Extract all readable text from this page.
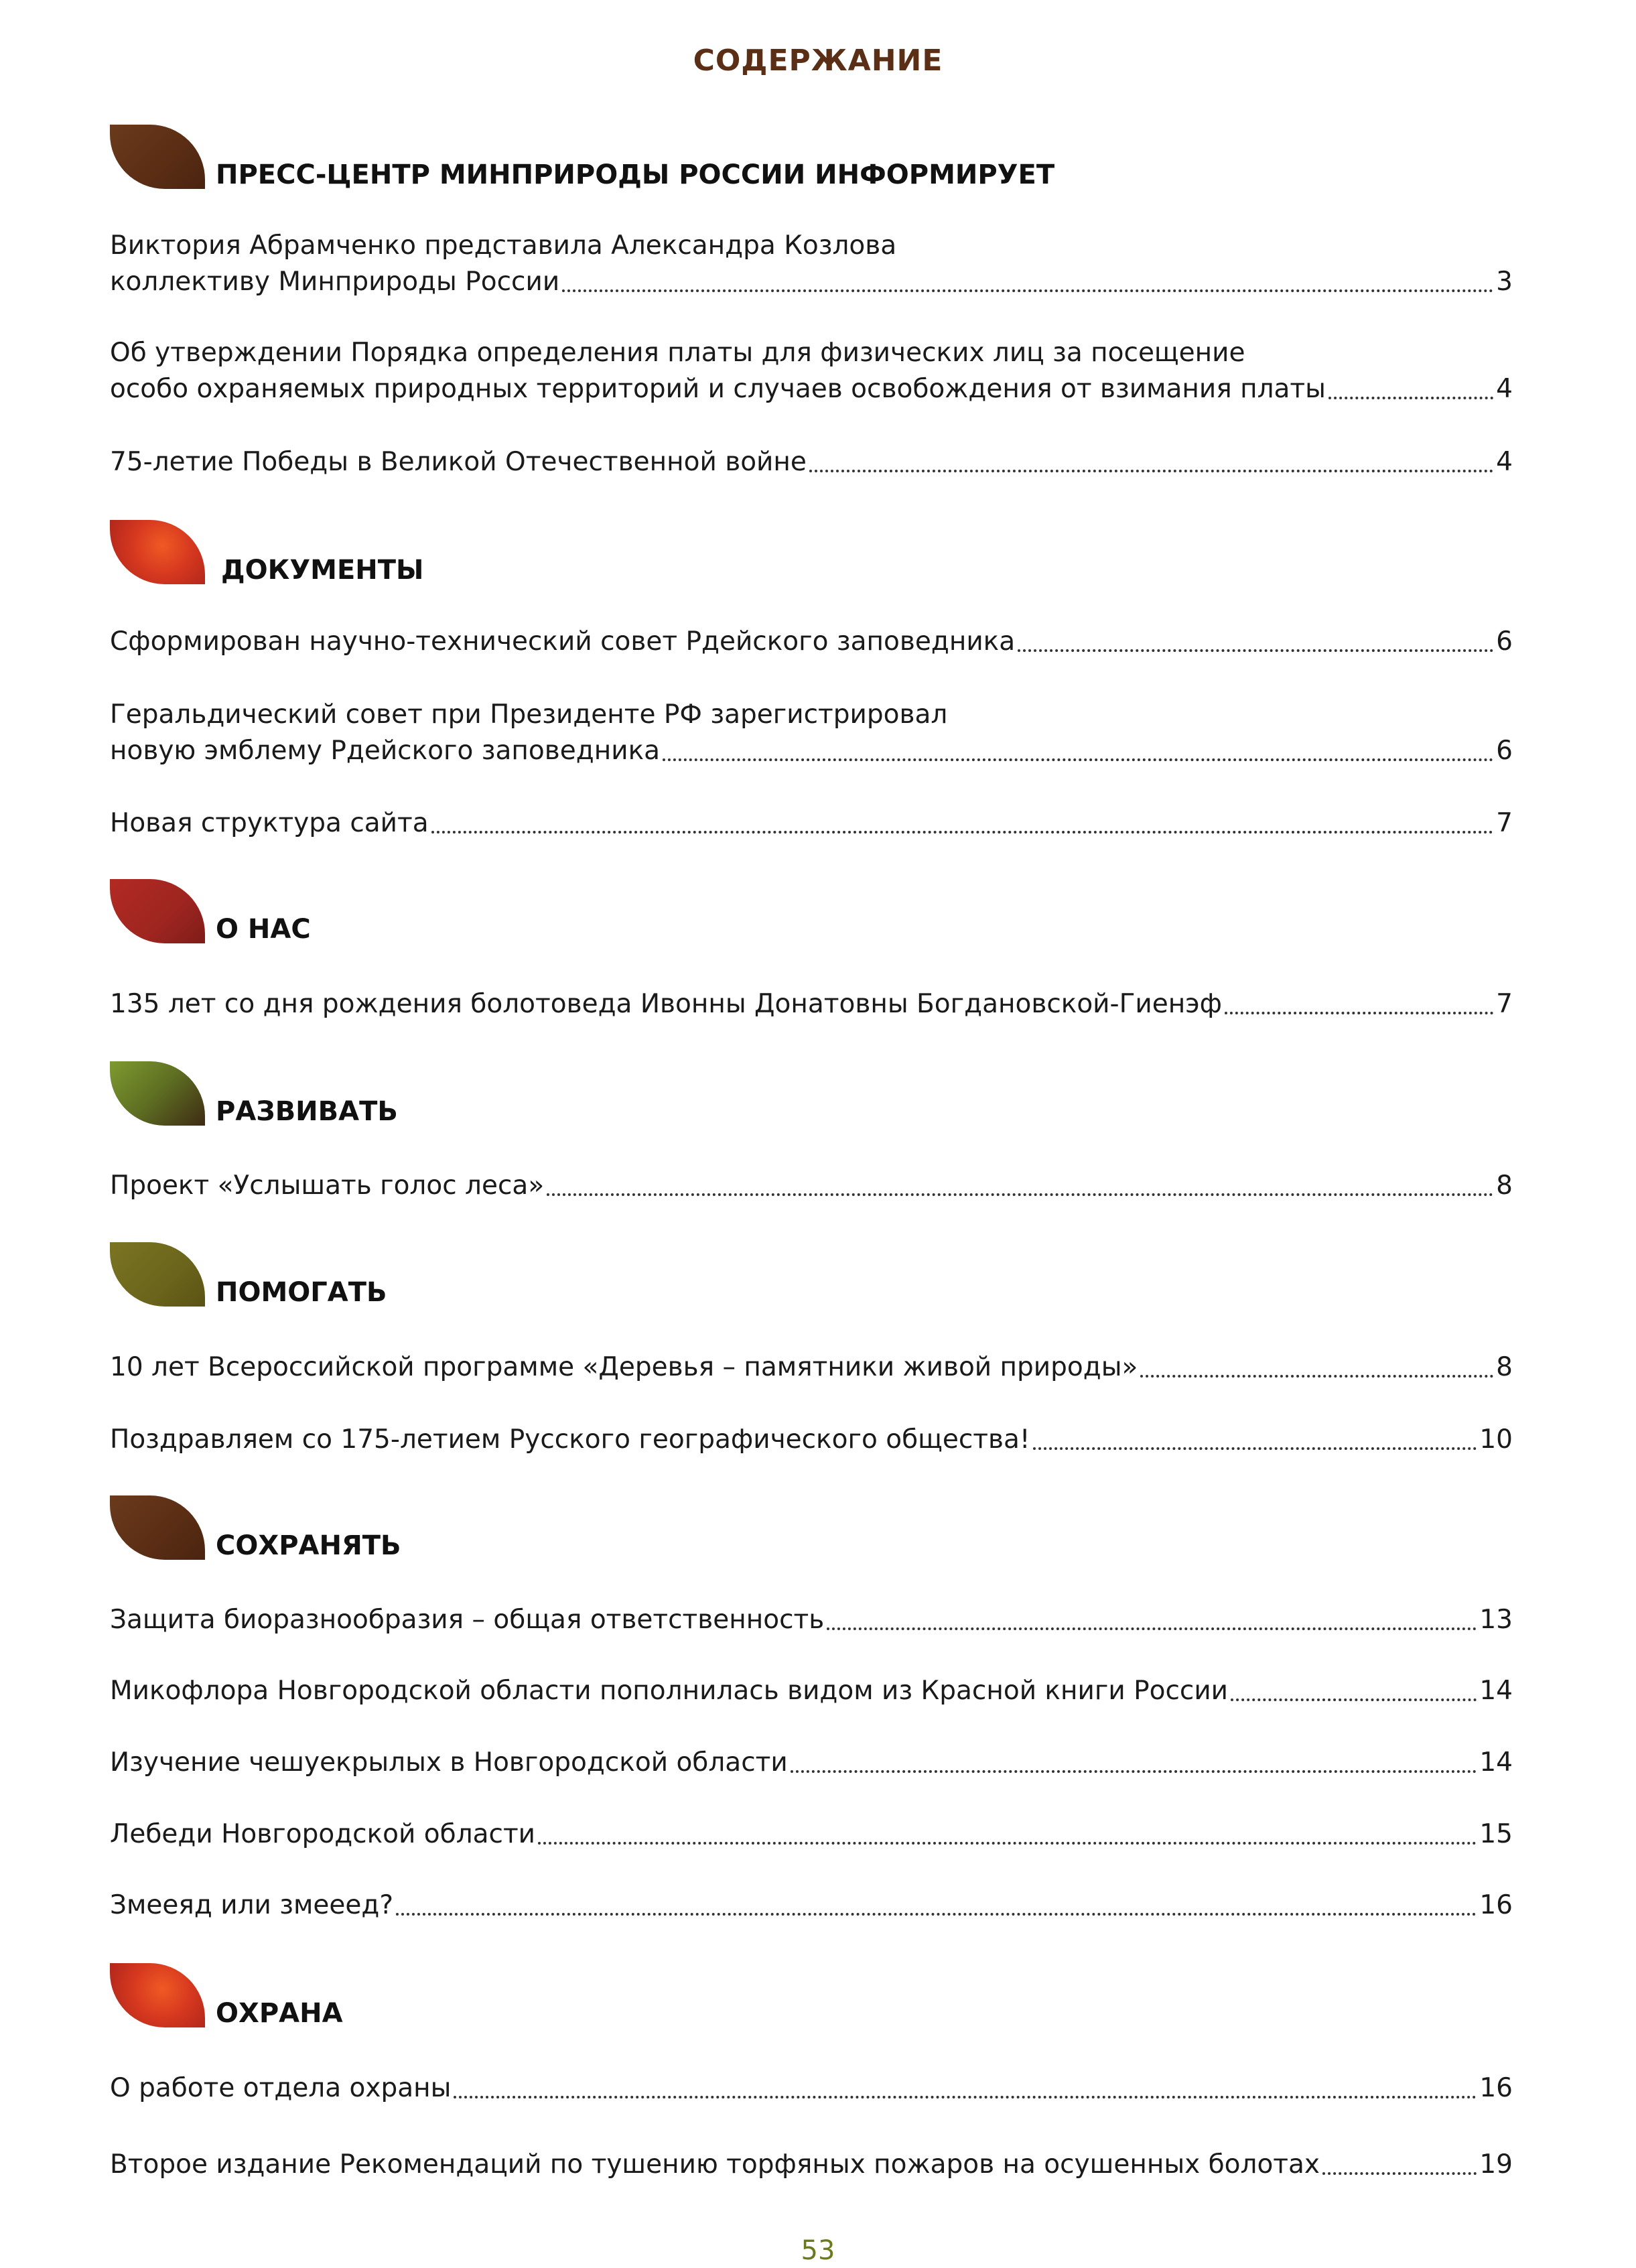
СОДЕРЖАНИЕ
ПРЕСС-ЦЕНТР МИНПРИРОДЫ РОССИИ ИНФОРМИРУЕТ
Виктория Абрамченко представила Александра Козлова
коллективу Минприроды России	3
Об утверждении Порядка определения платы для физических лиц за посещение
особо охраняемых природных территорий и случаев освобождения от взимания платы	4
75-летие Победы в Великой Отечественной войне	4
ДОКУМЕНТЫ
Сформирован научно-технический совет Рдейского заповедника	6
Геральдический совет при Президенте РФ зарегистрировал
новую эмблему Рдейского заповедника	6
Новая структура сайта	7
О НАС
135 лет со дня рождения болотоведа Ивонны Донатовны Богдановской-Гиенэф	7
РАЗВИВАТЬ
Проект «Услышать голос леса»	8
ПОМОГАТЬ
10 лет Всероссийской программе «Деревья – памятники живой природы»	8
Поздравляем со 175-летием Русского географического общества!	10
СОХРАНЯТЬ
Защита биоразнообразия – общая ответственность	13
Микофлора Новгородской области пополнилась видом из Красной книги России	14
Изучение чешуекрылых в Новгородской области	14
Лебеди Новгородской области	15
Змееяд или змееед?	16
ОХРАНА
О работе отдела охраны	16
Второе издание Рекомендаций по тушению торфяных пожаров на осушенных болотах	19
53
